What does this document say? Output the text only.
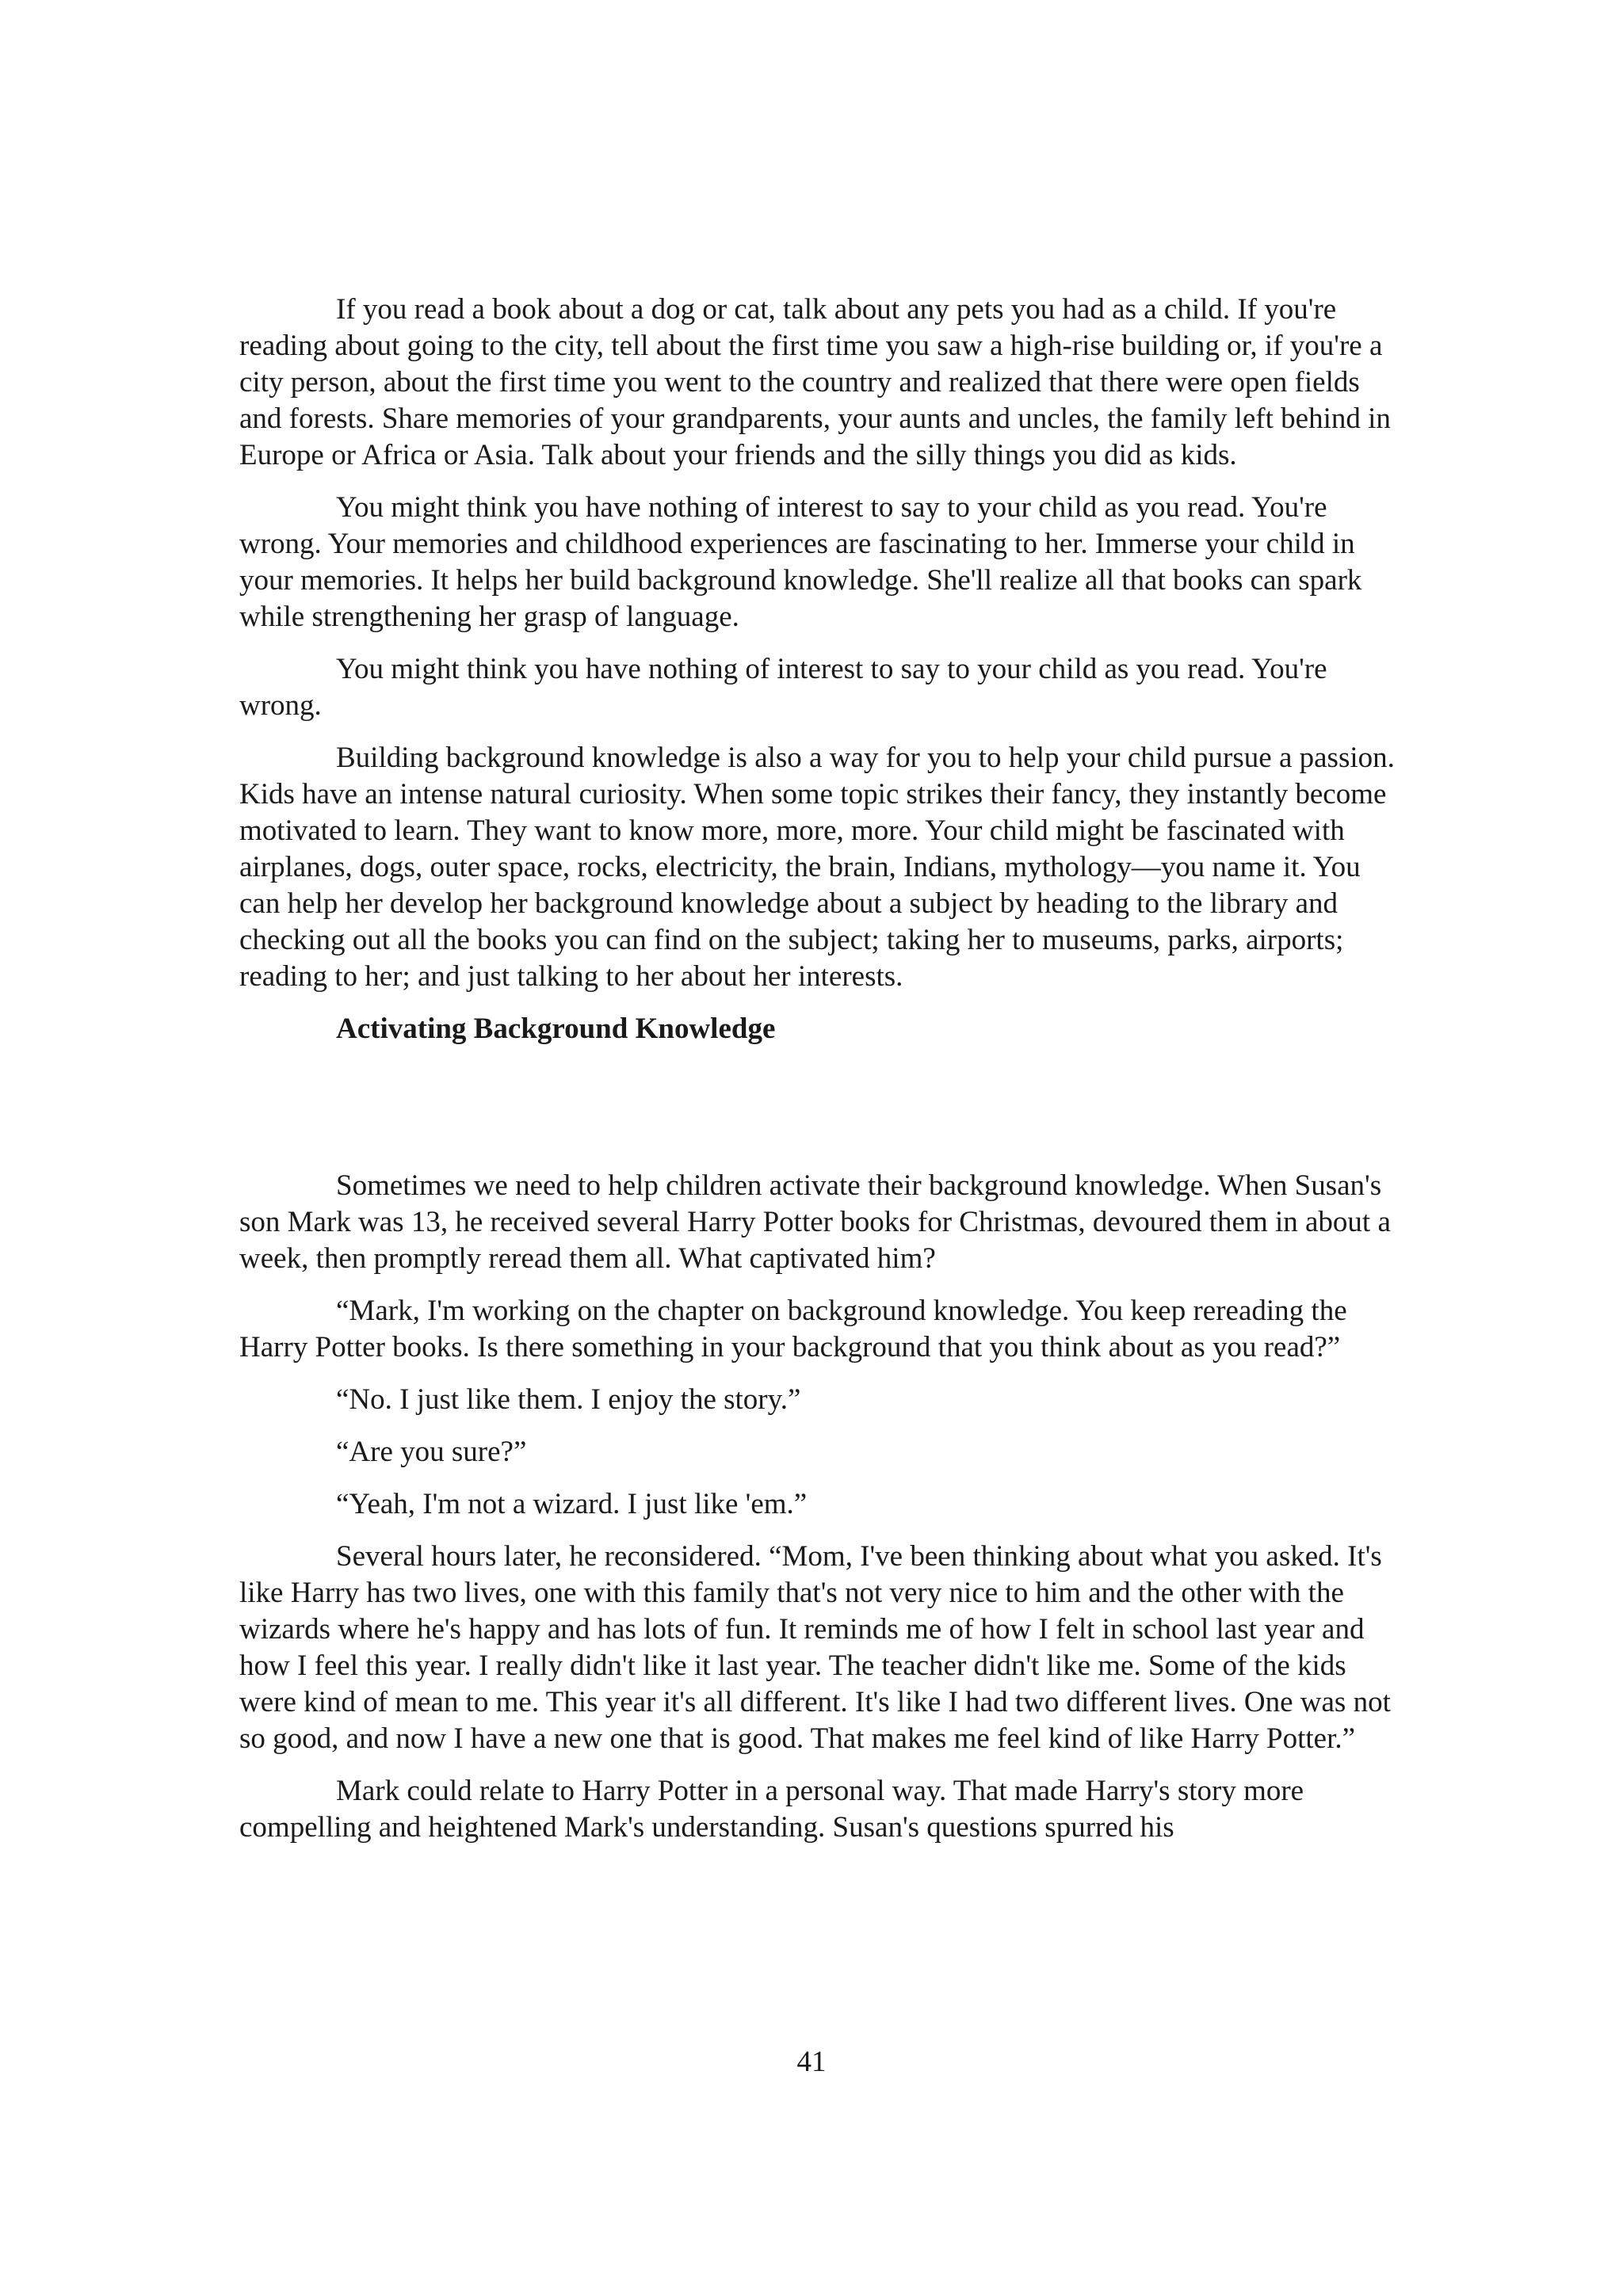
If you read a book about a dog or cat, talk about any pets you had as a child. If you're reading about going to the city, tell about the first time you saw a high-rise building or, if you're a city person, about the first time you went to the country and realized that there were open fields and forests. Share memories of your grandparents, your aunts and uncles, the family left behind in Europe or Africa or Asia. Talk about your friends and the silly things you did as kids.

You might think you have nothing of interest to say to your child as you read. You're wrong. Your memories and childhood experiences are fascinating to her. Immerse your child in your memories. It helps her build background knowledge. She'll realize all that books can spark while strengthening her grasp of language.

You might think you have nothing of interest to say to your child as you read. You're wrong.

Building background knowledge is also a way for you to help your child pursue a passion. Kids have an intense natural curiosity. When some topic strikes their fancy, they instantly become motivated to learn. They want to know more, more, more. Your child might be fascinated with airplanes, dogs, outer space, rocks, electricity, the brain, Indians, mythology—you name it. You can help her develop her background knowledge about a subject by heading to the library and checking out all the books you can find on the subject; taking her to museums, parks, airports; reading to her; and just talking to her about her interests.

Activating Background Knowledge

Sometimes we need to help children activate their background knowledge. When Susan's son Mark was 13, he received several Harry Potter books for Christmas, devoured them in about a week, then promptly reread them all. What captivated him?

“Mark, I'm working on the chapter on background knowledge. You keep rereading the Harry Potter books. Is there something in your background that you think about as you read?”

“No. I just like them. I enjoy the story.”

“Are you sure?”

“Yeah, I'm not a wizard. I just like 'em.”

Several hours later, he reconsidered. “Mom, I've been thinking about what you asked. It's like Harry has two lives, one with this family that's not very nice to him and the other with the wizards where he's happy and has lots of fun. It reminds me of how I felt in school last year and how I feel this year. I really didn't like it last year. The teacher didn't like me. Some of the kids were kind of mean to me. This year it's all different. It's like I had two different lives. One was not so good, and now I have a new one that is good. That makes me feel kind of like Harry Potter.”

Mark could relate to Harry Potter in a personal way. That made Harry's story more compelling and heightened Mark's understanding. Susan's questions spurred his

41
